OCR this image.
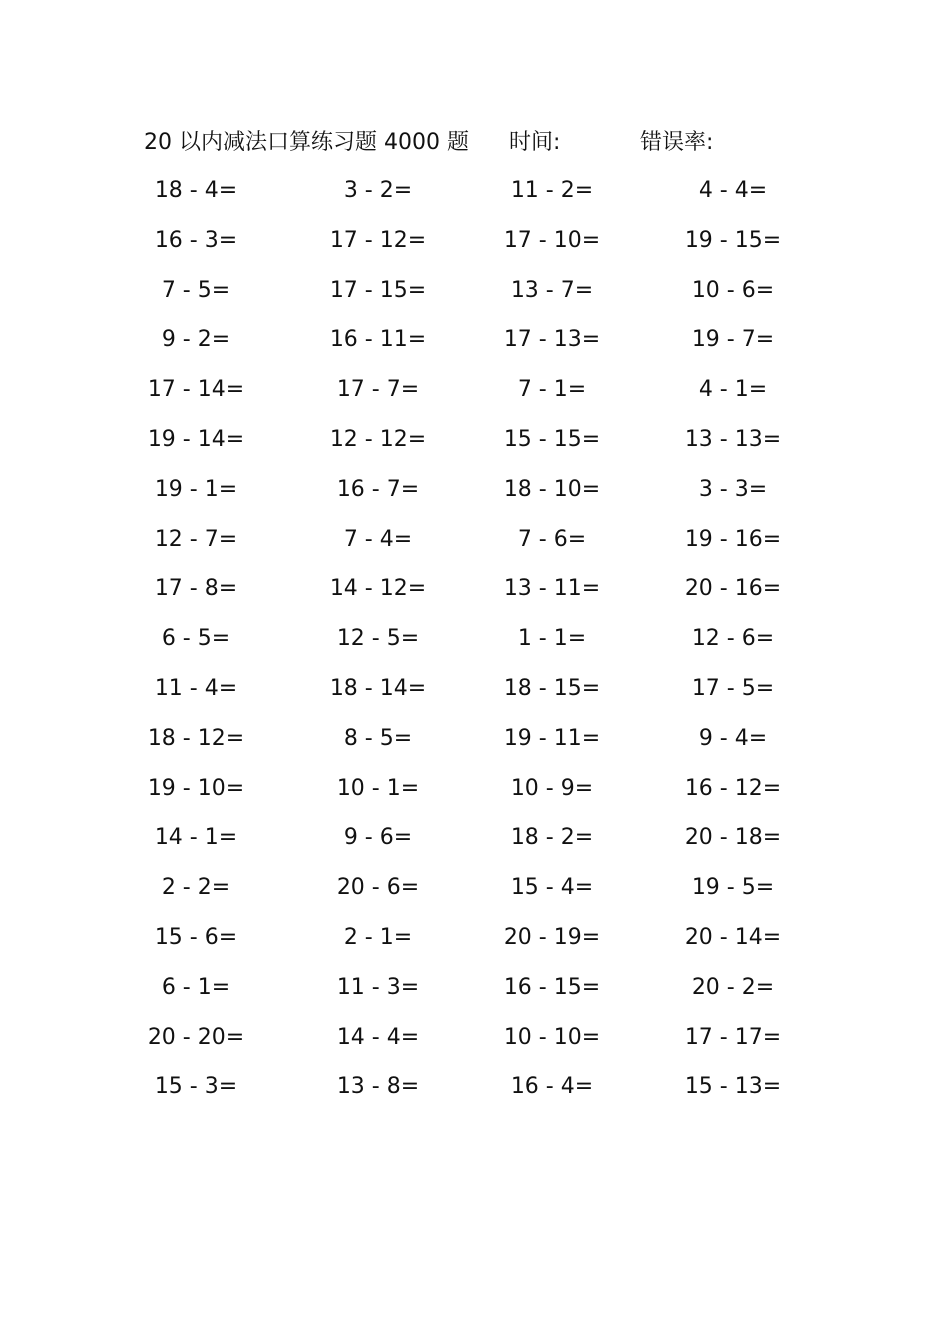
20 以内减法口算练习题 4000 题 时间:	错误率:
18 - 4=	3 - 2=	11 - 2=	4 - 4=
16 - 3=	17 - 12=	17 - 10=	19 - 15=
7 - 5=	17 - 15=	13 - 7=	10 - 6=
9 - 2=	16 - 11=	17 - 13=	19 - 7=
17 - 14=	17 - 7=	7 - 1=	4 - 1=
19 - 14=	12 - 12=	15 - 15=	13 - 13=
19 - 1=	16 - 7=	18 - 10=	3 - 3=
12 - 7=	7 - 4=	7 - 6=	19 - 16=
17 - 8=	14 - 12=	13 - 11=	20 - 16=
6 - 5=	12 - 5=	1 - 1=	12 - 6=
11 - 4=	18 - 14=	18 - 15=	17 - 5=
18 - 12=	8 - 5=	19 - 11=	9 - 4=
19 - 10=	10 - 1=	10 - 9=	16 - 12=
14 - 1=	9 - 6=	18 - 2=	20 - 18=
2 - 2=	20 - 6=	15 - 4=	19 - 5=
15 - 6=	2 - 1=	20 - 19=	20 - 14=
6 - 1=	11 - 3=	16 - 15=	20 - 2=
20 - 20=	14 - 4=	10 - 10=	17 - 17=
15 - 3=	13 - 8=	16 - 4=	15 - 13=
